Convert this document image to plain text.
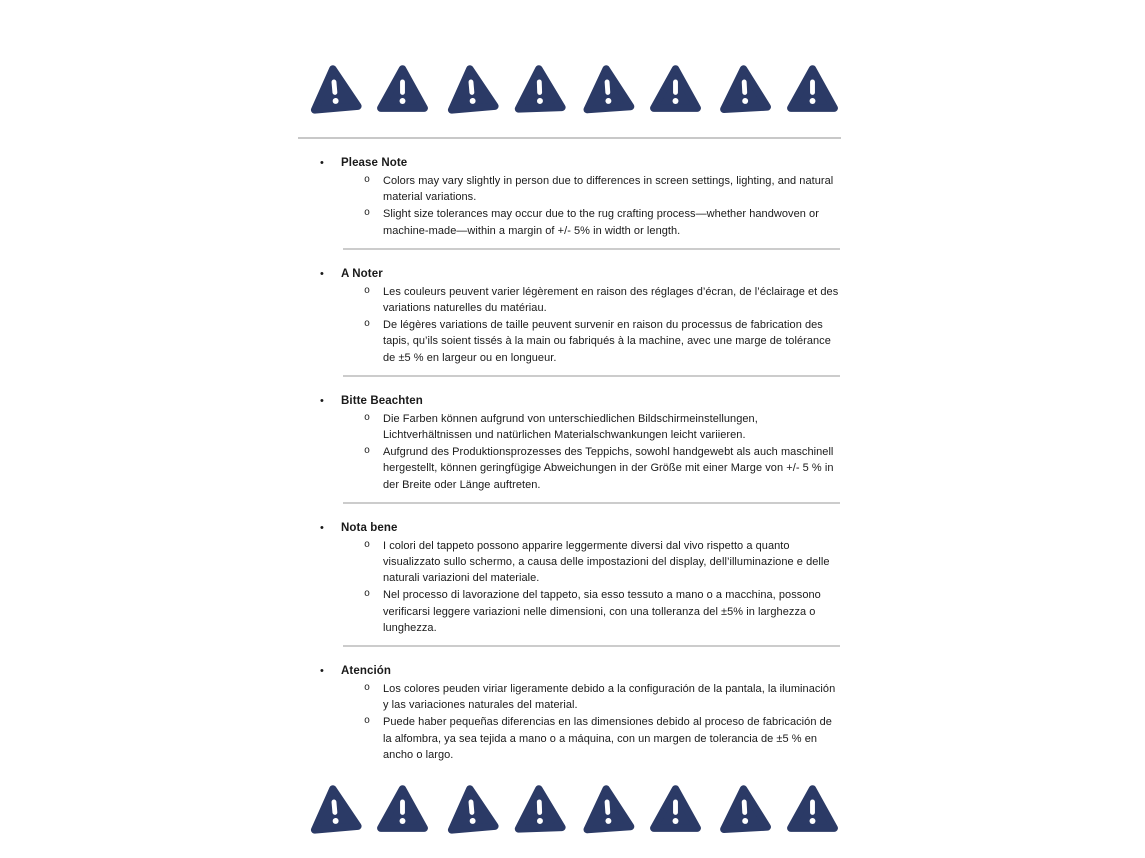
•	Please Note
o	Colors may vary slightly in person due to differences in screen settings, lighting, and natural material variations.
o	Slight size tolerances may occur due to the rug crafting process—whether handwoven or machine-made—within a margin of +/- 5% in width or length.
•	A Noter
o	Les couleurs peuvent varier légèrement en raison des réglages d’écran, de l’éclairage et des variations naturelles du matériau.
o	De légères variations de taille peuvent survenir en raison du processus de fabrication des tapis, qu’ils soient tissés à la main ou fabriqués à la machine, avec une marge de tolérance de ±5 % en largeur ou en longueur.
•	Bitte Beachten
o	Die Farben können aufgrund von unterschiedlichen Bildschirmeinstellungen, Lichtverhältnissen und natürlichen Materialschwankungen leicht variieren.
o	Aufgrund des Produktionsprozesses des Teppichs, sowohl handgewebt als auch maschinell hergestellt, können geringfügige Abweichungen in der Größe mit einer Marge von +/- 5 % in der Breite oder Länge auftreten.
•	Nota bene
o	I colori del tappeto possono apparire leggermente diversi dal vivo rispetto a quanto visualizzato sullo schermo, a causa delle impostazioni del display, dell’illuminazione e delle naturali variazioni del materiale.
o	Nel processo di lavorazione del tappeto, sia esso tessuto a mano o a macchina, possono verificarsi leggere variazioni nelle dimensioni, con una tolleranza del ±5% in larghezza o lunghezza.
•	Atención
o	Los colores peuden viriar ligeramente debido a la configuración de la pantala, la iluminación y las variaciones naturales del material.
o	Puede haber pequeñas diferencias en las dimensiones debido al proceso de fabricación de la alfombra, ya sea tejida a mano o a máquina, con un margen de tolerancia de ±5 % en ancho o largo.
